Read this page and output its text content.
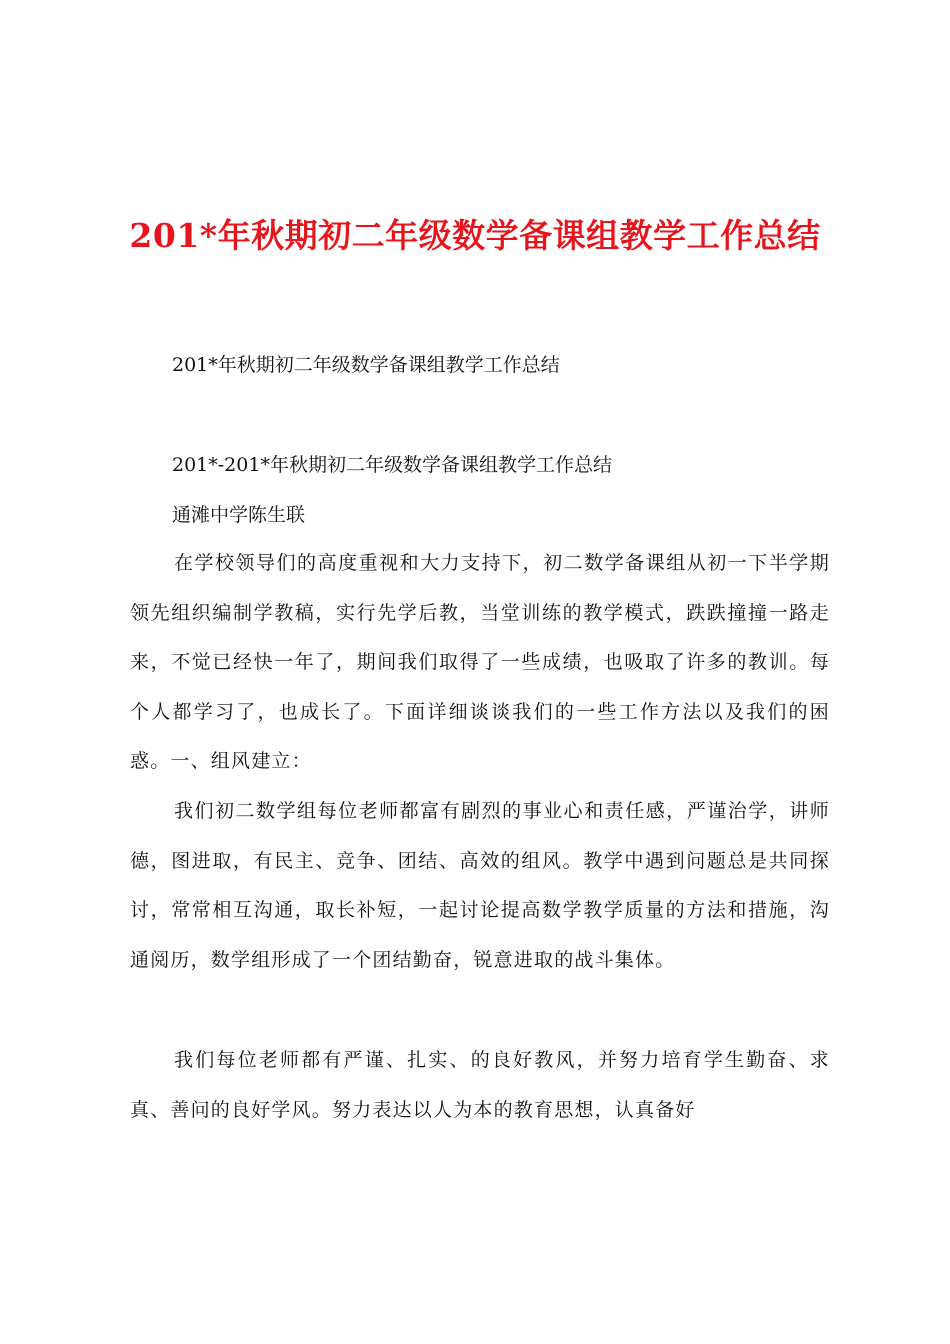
201*年秋期初二年级数学备课组教学工作总结

201*年秋期初二年级数学备课组教学工作总结

201*-201*年秋期初二年级数学备课组教学工作总结

通滩中学陈生联

在学校领导们的高度重视和大力支持下，初二数学备课组从初一下半学期领先组织编制学教稿，实行先学后教，当堂训练的教学模式，跌跌撞撞一路走来，不觉已经快一年了，期间我们取得了一些成绩，也吸取了许多的教训。每个人都学习了，也成长了。下面详细谈谈我们的一些工作方法以及我们的困惑。一、组风建立：

我们初二数学组每位老师都富有剧烈的事业心和责任感，严谨治学，讲师德，图进取，有民主、竞争、团结、高效的组风。教学中遇到问题总是共同探讨，常常相互沟通，取长补短，一起讨论提高数学教学质量的方法和措施，沟通阅历，数学组形成了一个团结勤奋，锐意进取的战斗集体。

我们每位老师都有严谨、扎实、的良好教风，并努力培育学生勤奋、求真、善问的良好学风。努力表达以人为本的教育思想，认真备好
